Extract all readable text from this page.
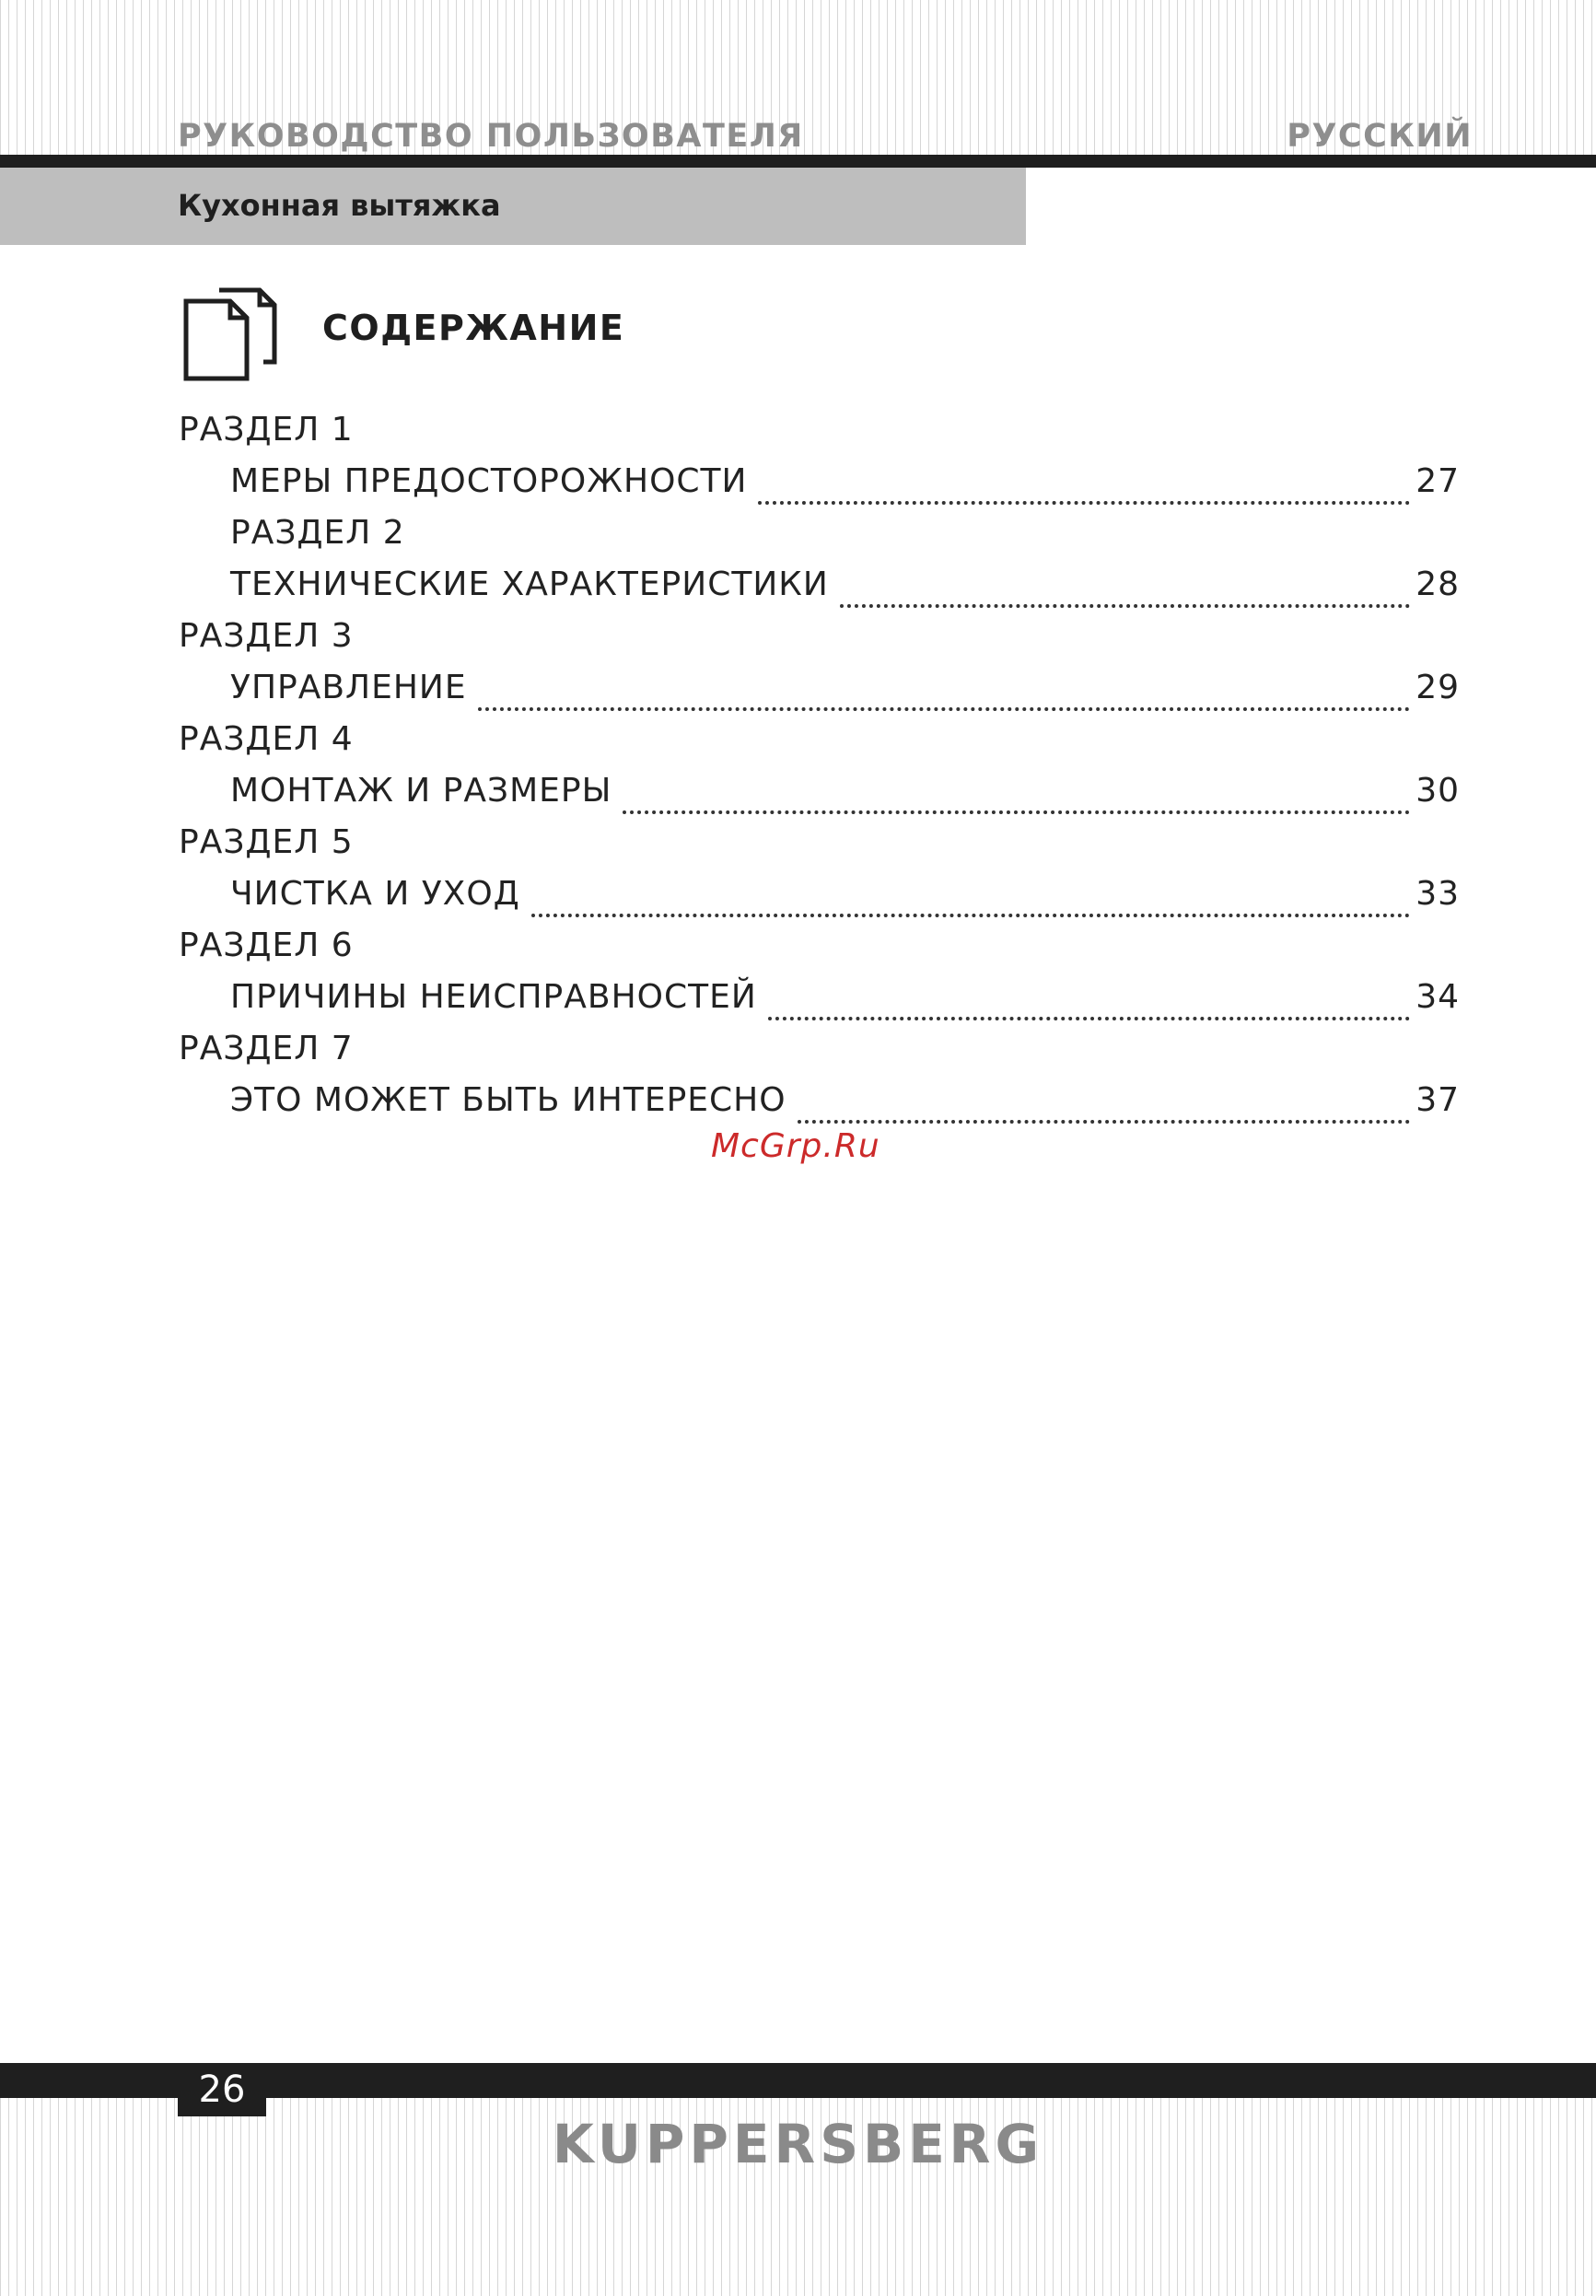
РУКОВОДСТВО ПОЛЬЗОВАТЕЛЯ	РУССКИЙ
Кухонная вытяжка
СОДЕРЖАНИЕ
РАЗДЕЛ 1
МЕРЫ ПРЕДОСТОРОЖНОСТИ	27
РАЗДЕЛ 2
ТЕХНИЧЕСКИЕ ХАРАКТЕРИСТИКИ	28
РАЗДЕЛ 3
УПРАВЛЕНИЕ	29
РАЗДЕЛ 4
МОНТАЖ И РАЗМЕРЫ	30
РАЗДЕЛ 5
ЧИСТКА И УХОД	33
РАЗДЕЛ 6
ПРИЧИНЫ НЕИСПРАВНОСТЕЙ	34
РАЗДЕЛ 7
ЭТО МОЖЕТ БЫТЬ ИНТЕРЕСНО	37
McGrp.Ru
26
KUPPERSBERG
